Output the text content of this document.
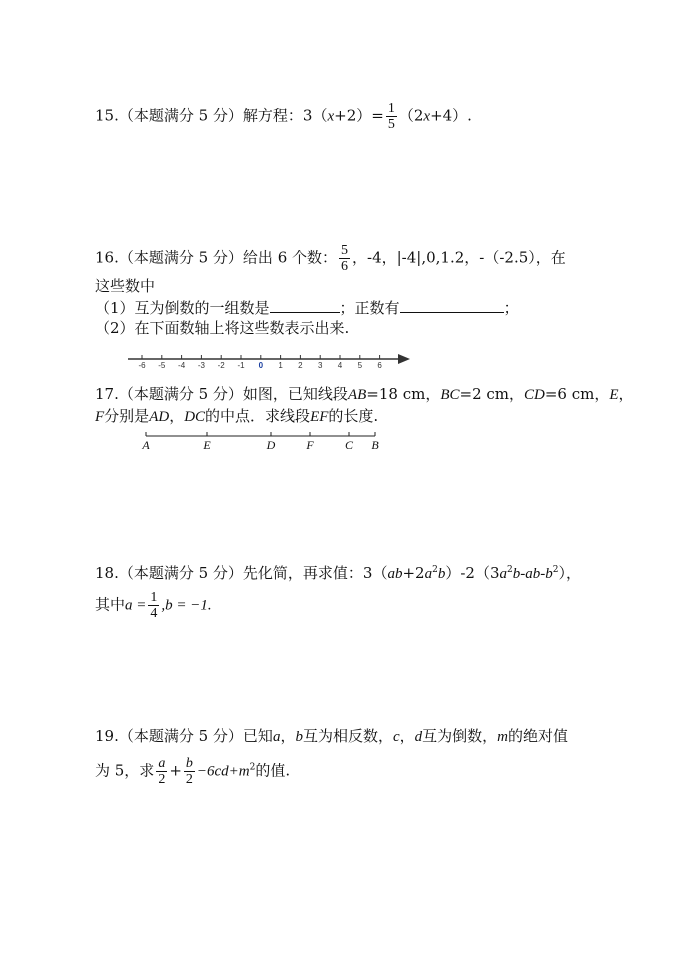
15.（本题满分 5 分）解方程：$3(x+2)= \frac{1}{5} (2x+4)$.
16.（本题满分 5 分）给出 6 个数： $\frac{5}{6}$ ，-4，|-4|,0,1.2，-（-2.5），在
这些数中
（1）互为倒数的一组数是	；正数有	；
（2）在下面数轴上将这些数表示出来.
-6 -5 -4 -3 -2 -1 0 1 2 3 4 5 6
17.（本题满分 5 分）如图，已知线段AB=18 cm，BC=2 cm，CD=6 cm，E，
F分别是AD，DC的中点．求线段EF的长度.
A	E	D	F	C B
18.（本题满分 5 分）先化简，再求值：$3(ab+2a^2b)-2(3a^2b-ab-b^2)$，
其中$a = \frac{1}{4} ,b = -1$.
19.（本题满分 5 分）已知a，b互为相反数，c，d互为倒数，m的绝对值
为 5，求 $\frac{a}{2} + \frac{b}{2} -6cd+m^2$的值.
